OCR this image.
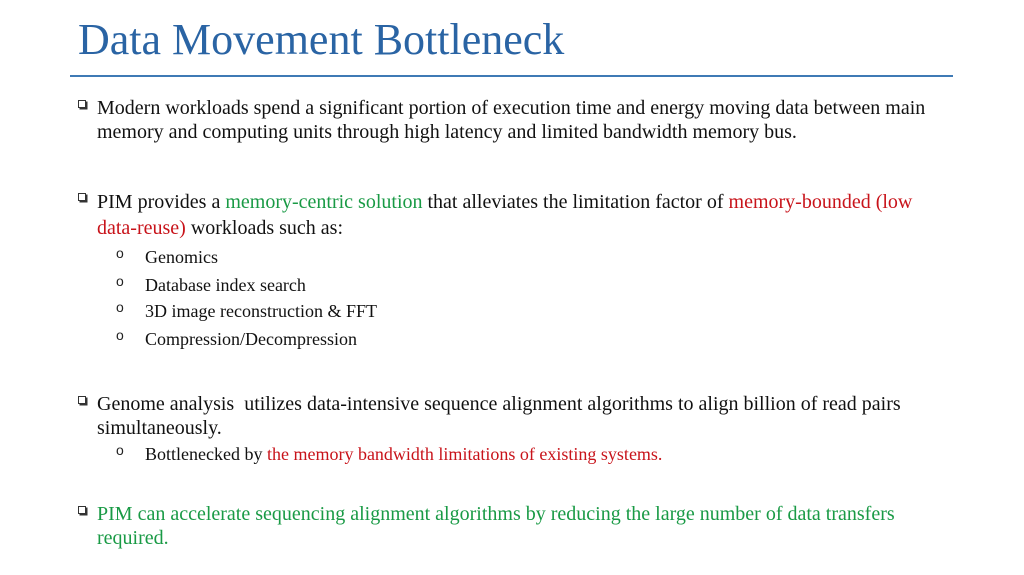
Data Movement Bottleneck
Modern workloads spend a significant portion of execution time and energy moving data between main memory and computing units through high latency and limited bandwidth memory bus.
PIM provides a memory-centric solution that alleviates the limitation factor of memory-bounded (low data-reuse) workloads such as:
o Genomics
o Database index search
o 3D image reconstruction & FFT
o Compression/Decompression
Genome analysis  utilizes data-intensive sequence alignment algorithms to align billion of read pairs simultaneously.
o Bottlenecked by the memory bandwidth limitations of existing systems.
PIM can accelerate sequencing alignment algorithms by reducing the large number of data transfers required.
